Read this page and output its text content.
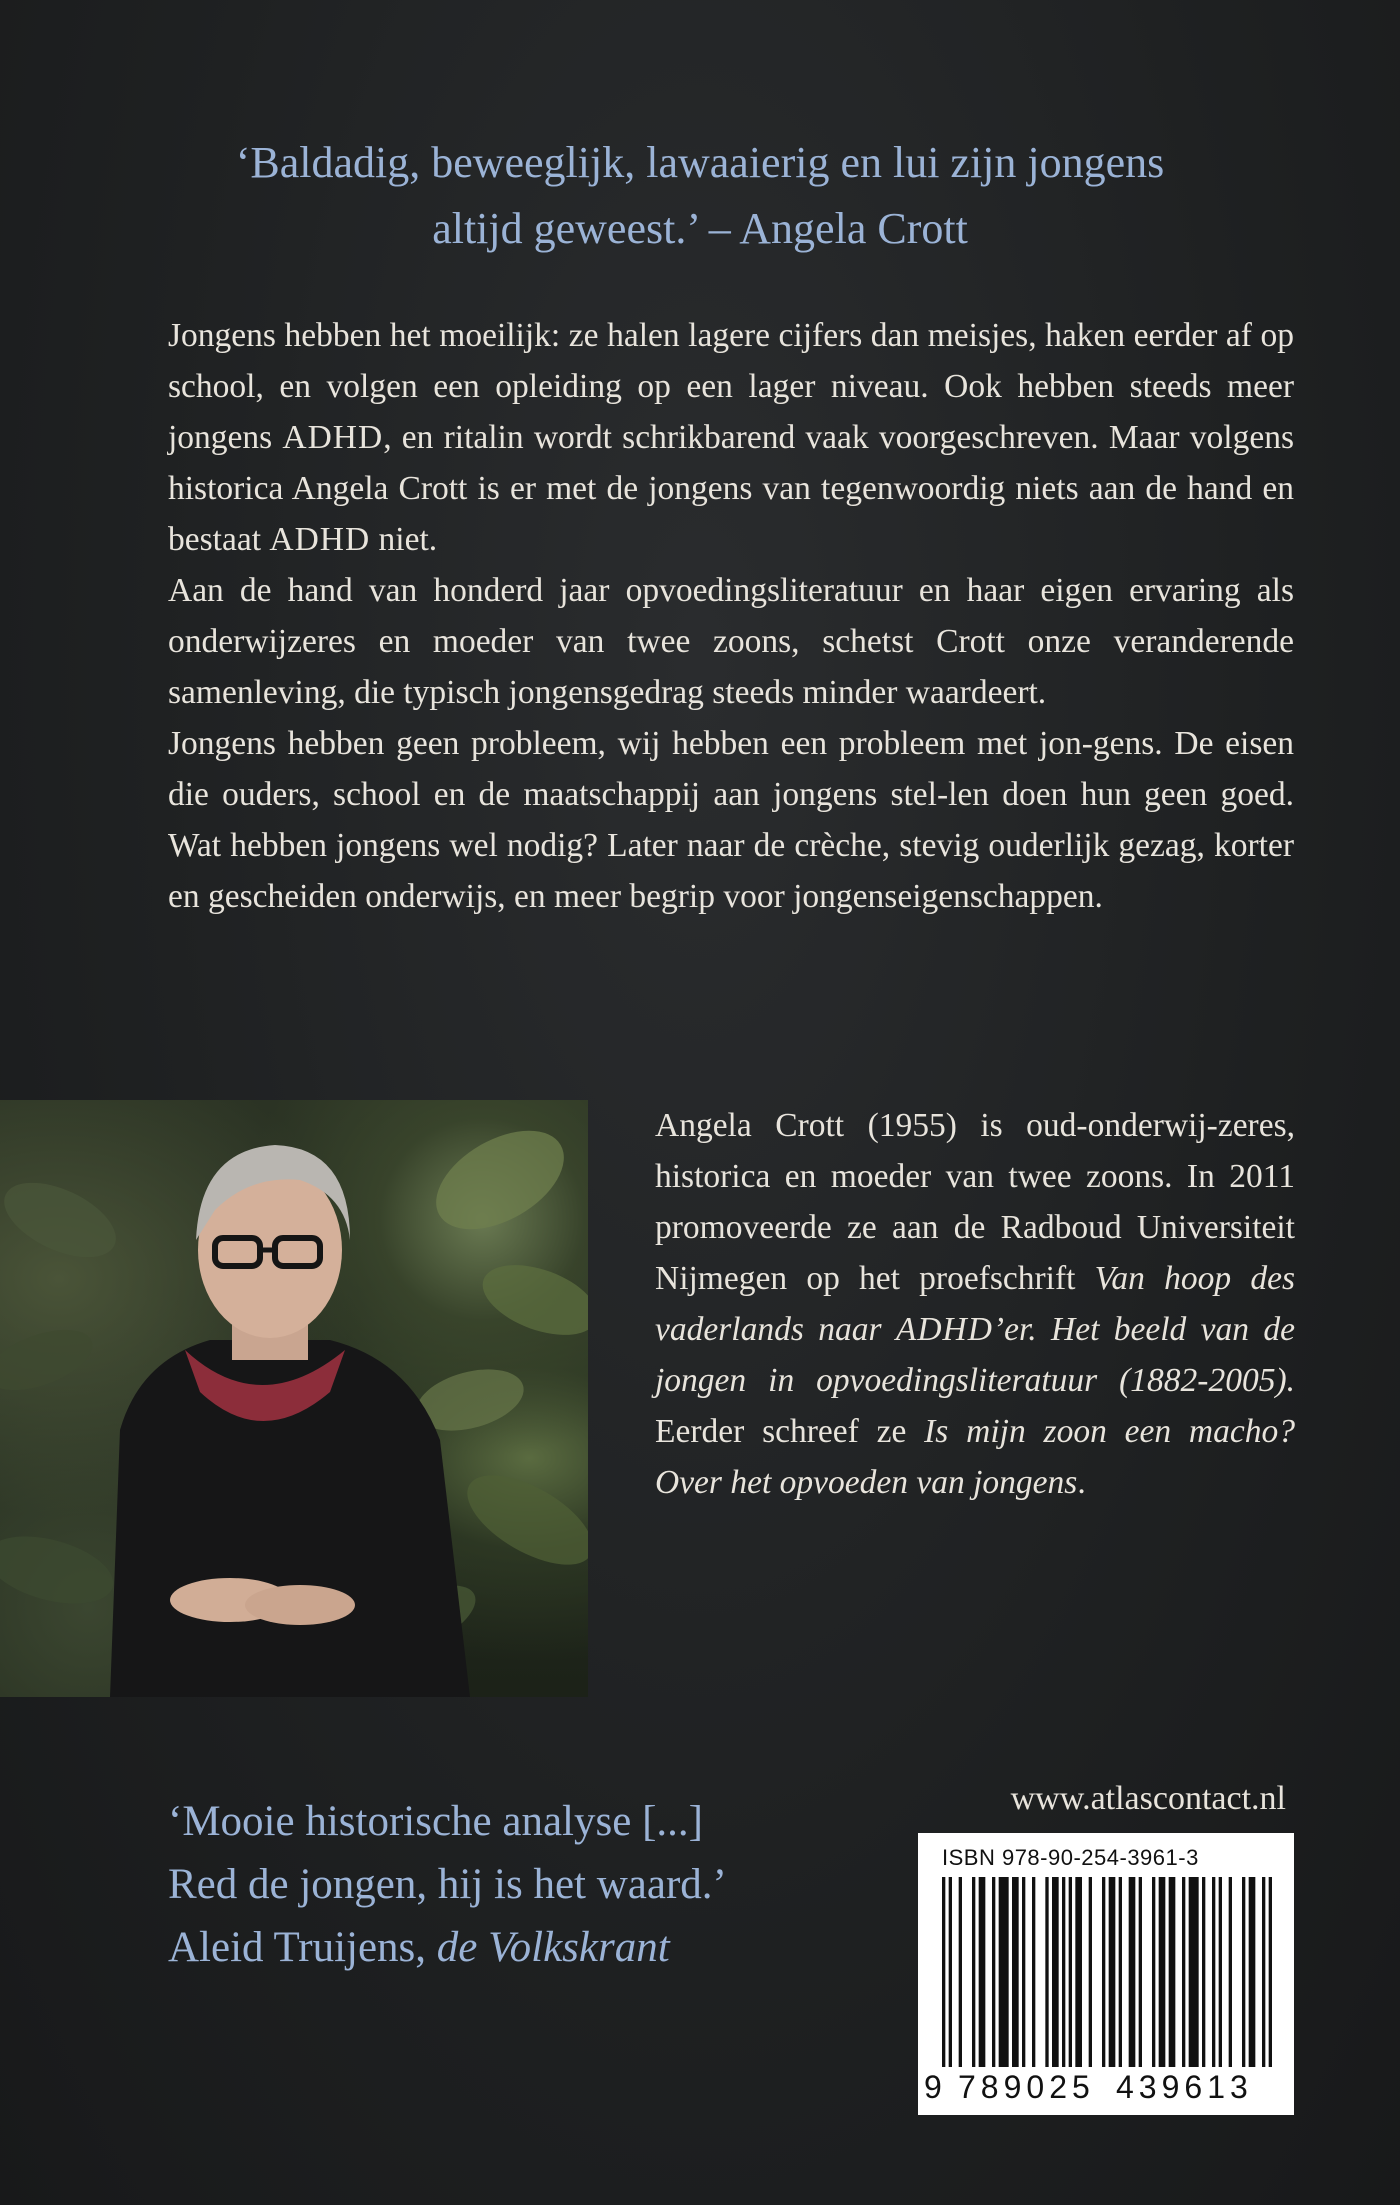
‘Baldadig, beweeglijk, lawaaierig en lui zijn jongens
altijd geweest.’ – Angela Crott

Jongens hebben het moeilijk: ze halen lagere cijfers dan meisjes, haken eerder af op school, en volgen een opleiding op een lager niveau. Ook hebben steeds meer jongens ADHD, en ritalin wordt schrikbarend vaak voorgeschreven. Maar volgens historica Angela Crott is er met de jongens van tegenwoordig niets aan de hand en bestaat ADHD niet.

Aan de hand van honderd jaar opvoedingsliteratuur en haar eigen ervaring als onderwijzeres en moeder van twee zoons, schetst Crott onze veranderende samenleving, die typisch jongensgedrag steeds minder waardeert.

Jongens hebben geen probleem, wij hebben een probleem met jon-gens. De eisen die ouders, school en de maatschappij aan jongens stel-len doen hun geen goed. Wat hebben jongens wel nodig? Later naar de crèche, stevig ouderlijk gezag, korter en gescheiden onderwijs, en meer begrip voor jongenseigenschappen.

Angela Crott (1955) is oud-onderwij-zeres, historica en moeder van twee zoons. In 2011 promoveerde ze aan de Radboud Universiteit Nijmegen op het proefschrift Van hoop des vaderlands naar ADHD’er. Het beeld van de jongen in opvoedingsliteratuur (1882-2005). Eerder schreef ze Is mijn zoon een macho? Over het opvoeden van jongens.
‘Mooie historische analyse [...]
Red de jongen, hij is het waard.’
Aleid Truijens, de Volkskrant
www.atlascontact.nl
ISBN 978-90-254-3961-3
9 789025 439613
